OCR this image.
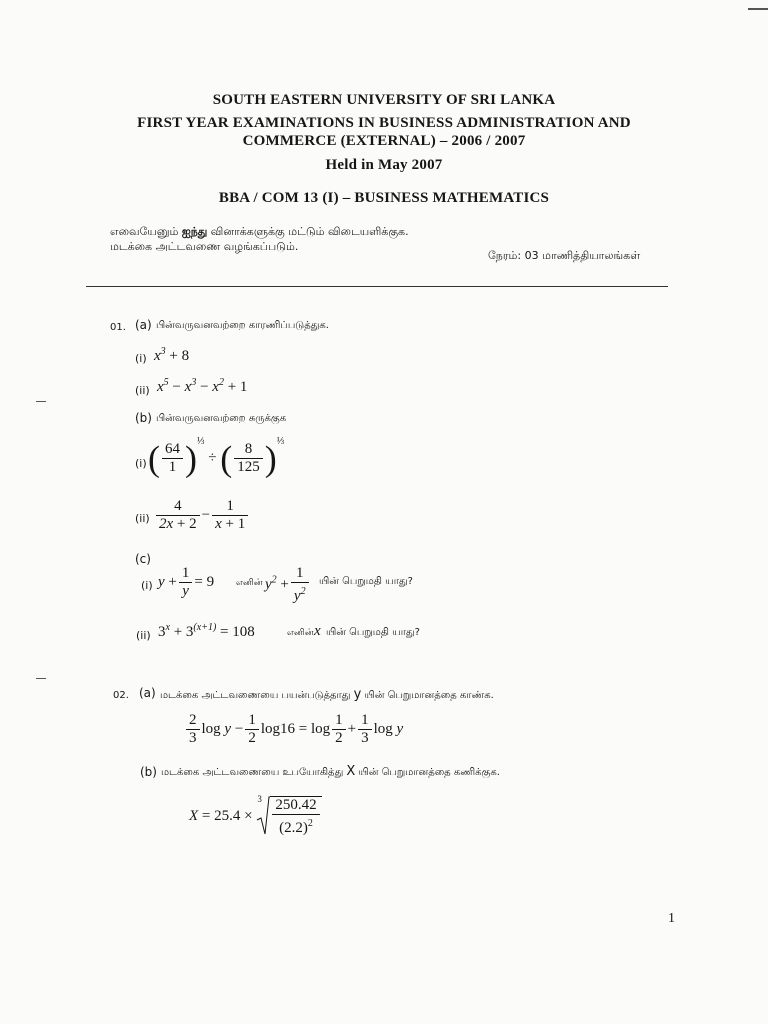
SOUTH EASTERN UNIVERSITY OF SRI LANKA
FIRST YEAR EXAMINATIONS IN BUSINESS ADMINISTRATION AND
COMMERCE (EXTERNAL) – 2006 / 2007
Held in May 2007
BBA / COM 13 (I) – BUSINESS MATHEMATICS
எவையேனும் ஐந்து வினாக்களுக்கு மட்டும் விடையளிக்குக.
மடக்கை அட்டவணை வழங்கப்படும்.
நேரம்: 03 மாணித்தியாலங்கள்
01. (a) பின்வருவனவற்றை காரணிப்படுத்துக.
(i) $x^3 + 8$
(ii) $x^5 - x^3 - x^2 + 1$
(b) பின்வருவனவற்றை சுருக்குக
(i) ( $\frac{64}{1} )^{\frac{1}{3}}$ ÷ ( $\frac{8}{125} )^{\frac{1}{3}}$
$(ii) \frac{4}{2x + 2} - \frac{1}{x + 1}$
(c)
(i) $y + \frac{1}{y} = 9$ எனின் $y^2 + \frac{1}{y^2}$ யின் பெறுமதி யாது?
(ii) $3^x + 3^{(x+1)} = 108$	எனின் x யின் பெறுமதி யாது?
02. (a) மடக்கை அட்டவணையை பயன்படுத்தாது y யின் பெறுமானத்தை காண்க.
$\frac{2}{3}$ $\log y - \frac{1}{2} \log 16 = \log \frac{1}{2} + \frac{1}{3}$ log y
(b) மடக்கை அட்டவணையை உபயோகித்து X யின் பெறுமானத்தை கணிக்குக.
X = 25.4 ×
$3 \frac{250.42}{(2.2)^2}$
1
